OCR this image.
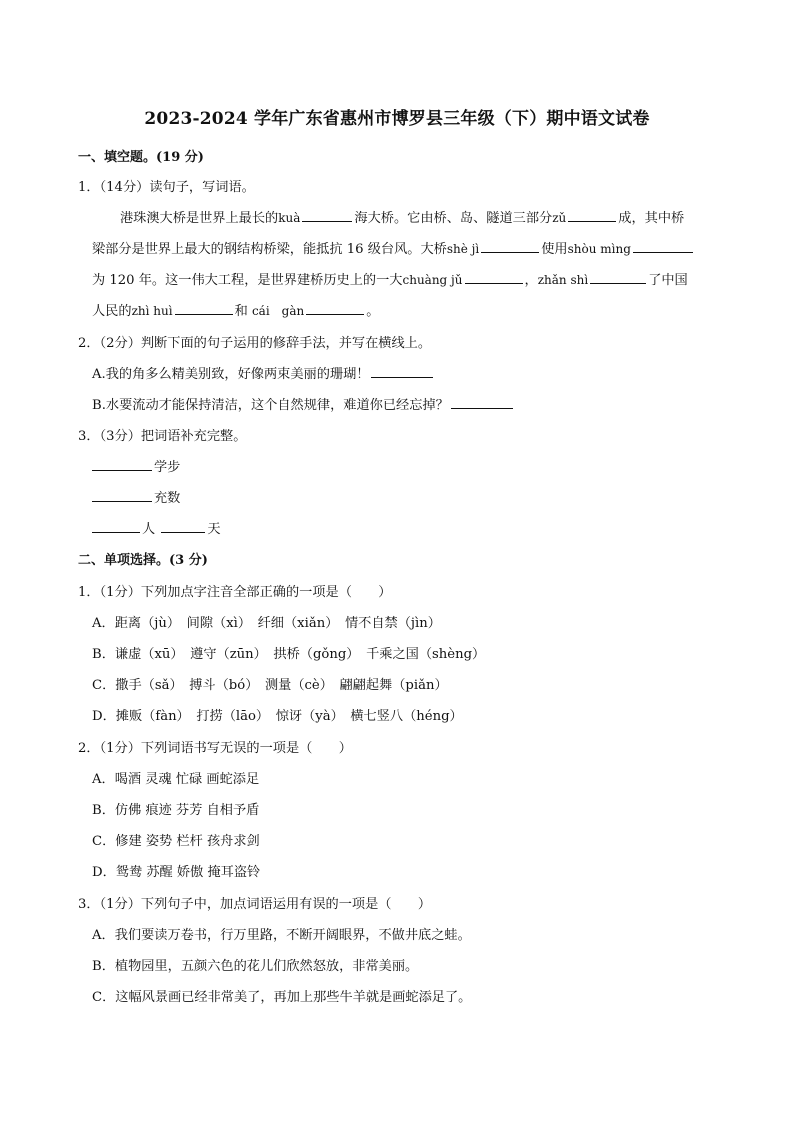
2023-2024 学年广东省惠州市博罗县三年级（下）期中语文试卷
一、填空题。(19 分)
1．（14分）读句子，写词语。
港珠澳大桥是世界上最长的kuà	海大桥。它由桥、岛、隧道三部分zǔ	成，其中桥
梁部分是世界上最大的钢结构桥梁，能抵抗 16 级台风。大桥shè jì	使用shòu mìng
为 120 年。这一伟大工程，是世界建桥历史上的一大chuàng jǔ	，zhǎn shì	了中国
人民的zhì huì	和 cái　gàn	。
2．（2分）判断下面的句子运用的修辞手法，并写在横线上。
A.我的角多么精美别致，好像两束美丽的珊瑚！
B.水要流动才能保持清洁，这个自然规律，难道你已经忘掉？
3．（3分）把词语补充完整。
学步
充数
人	天
二、单项选择。(3 分)
1．（1分）下列加点字注音全部正确的一项是（　　）
A．距离（jù）　间隙（xì）　纤细（xiǎn）　情不自禁（jìn）
B．谦虚（xū）　遵守（zūn）　拱桥（gǒng）　千乘之国（shèng）
C．撒手（sǎ）　搏斗（bó）　测量（cè）　翩翩起舞（piǎn）
D．摊贩（fàn）　打捞（lāo）　惊讶（yà）　横七竖八（héng）
2．（1分）下列词语书写无误的一项是（　　）
A．喝酒 灵魂 忙碌 画蛇添足
B．仿佛 痕迹 芬芳 自相予盾
C．修建 姿势 栏杆 孩舟求剑
D．鸳鸯 苏醒 娇傲 掩耳盗铃
3．（1分）下列句子中，加点词语运用有误的一项是（　　）
A．我们要读万卷书，行万里路，不断开阔眼界，不做井底之蛙。
B．植物园里，五颜六色的花儿们欣然怒放，非常美丽。
C．这幅风景画已经非常美了，再加上那些牛羊就是画蛇添足了。
